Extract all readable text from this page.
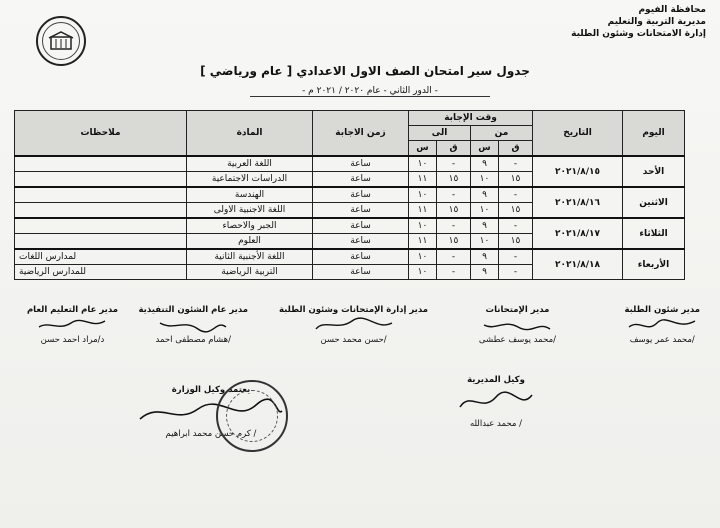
محافظة الفيوم
مديرية التربية والتعليم
إدارة الامتحانات وشئون الطلبة
جدول سير امتحان الصف الاول الاعدادي [ عام ورياضي ]
- الدور الثاني - عام ٢٠٢٠ / ٢٠٢١ م -
اليوم	التاريخ	وقت الإجابة				زمن الاجابة	المادة	ملاحظات
		من		الى				
		ق	س	ق	س			
الأحد	٢٠٢١/٨/١٥	-	٩	-	١٠	ساعة	اللغة العربية	
		١٥	١٠	١٥	١١	ساعة	الدراسات الاجتماعية	
الاثنين	٢٠٢١/٨/١٦	-	٩	-	١٠	ساعة	الهندسة	
		١٥	١٠	١٥	١١	ساعة	اللغة الاجنبية الاولى	
الثلاثاء	٢٠٢١/٨/١٧	-	٩	-	١٠	ساعة	الجبر والاحصاء	
		١٥	١٠	١٥	١١	ساعة	العلوم	
الأربعاء	٢٠٢١/٨/١٨	-	٩	-	١٠	ساعة	اللغة الأجنبية الثانية	لمدارس اللغات
		-	٩	-	١٠	ساعة	التربية الرياضية	للمدارس الرياضية
مدير شئون الطلبة
/محمد عمر يوسف
مدير الإمتحانات
/محمد يوسف عطشى
مدير إدارة الإمتحانات وشئون الطلبة
/حسن محمد حسن
مدير عام الشئون التنفيذية
/هشام مصطفى احمد
مدير عام التعليم العام
د/مراد احمد حسن
وكيل المديرية
/ محمد عبدالله
يعتمد وكيل الوزارة
/ كرم حسن محمد ابراهيم
